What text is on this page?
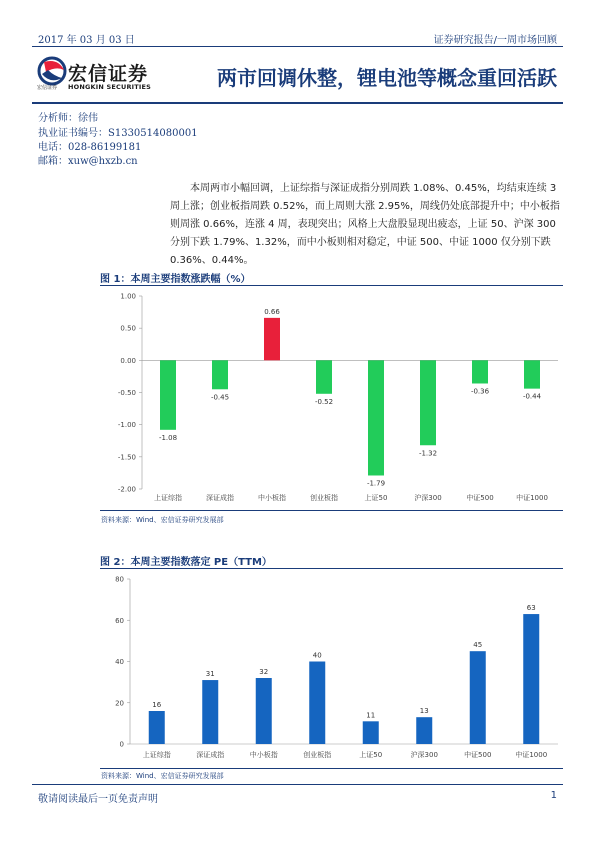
2017 年 03 月 03 日	证券研究报告/一周市场回顾
宏信证券
HONGKIN SECURITIES
宏信证券	两市回调休整，锂电池等概念重回活跃
分析师：徐伟
执业证书编号：S1330514080001
电话：028-86199181
邮箱：xuw@hxzb.cn
本周两市小幅回调，上证综指与深证成指分别周跌 1.08%、0.45%，均结束连续 3 周上涨；创业板指周跌 0.52%，而上周则大涨 2.95%，周线仍处底部提升中；中小板指则周涨 0.66%，连涨 4 周，表现突出；风格上大盘股显现出疲态，上证 50、沪深 300 分别下跌 1.79%、1.32%，而中小板则相对稳定，中证 500、中证 1000 仅分别下跌 0.36%、0.44%。
图 1：本周主要指数涨跌幅（%）
1.00
0.50
0.00
-0.50
-1.00
-1.50
-2.00
-1.08
上证综指
-0.45
深证成指
0.66
中小板指
-0.52
创业板指
-1.79
上证50
-1.32
沪深300
-0.36
中证500
-0.44
中证1000
资料来源：Wind、宏信证券研究发展部
图 2：本周主要指数落定 PE（TTM）
80
60
40
20
0
16
上证综指
31
深证成指
32
中小板指
40
创业板指
11
上证50
13
沪深300
45
中证500
63
中证1000
资料来源：Wind、宏信证券研究发展部
敬请阅读最后一页免责声明	1
